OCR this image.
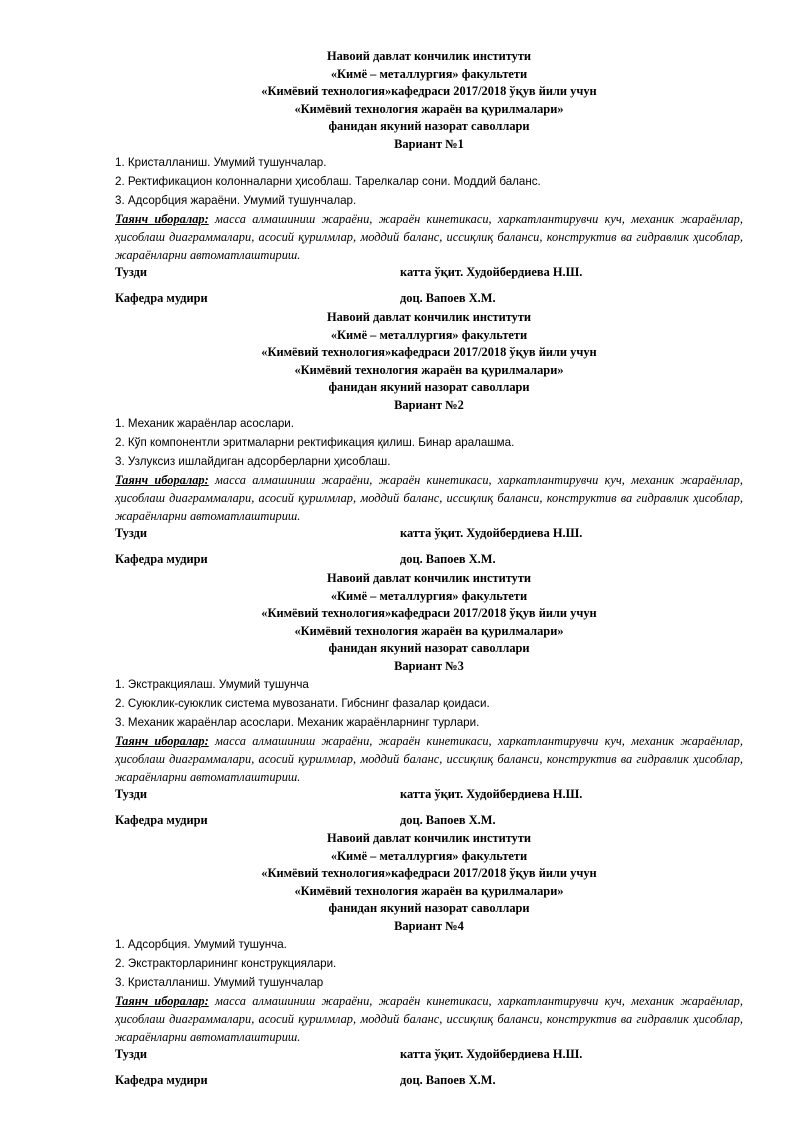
Навоий давлат кончилик институти

«Кимё – металлургия» факультети

«Кимёвий технология»кафедраси 2017/2018 ўқув йили учун

«Кимёвий технология жараён ва қурилмалари»

фанидан якуний назорат саволлари

Вариант №1

1. Кристалланиш. Умумий тушунчалар.

2. Ректификацион колонналарни ҳисоблаш. Тарелкалар сони. Моддий баланс.

3. Адсорбция жараёни. Умумий тушунчалар.

Таянч иборалар: масса алмашиниш жараёни, жараён кинетикаси, харкатлантирувчи куч, механик жараёнлар, ҳисоблаш диаграммалари, асосий қурилмлар, моддий баланс, иссиқлиқ баланси, конструктив ва гидравлик ҳисоблар, жараёнларни автоматлаштириш.

Тузди	катта ўқит. Худойбердиева Н.Ш.
Кафедра мудири	доц. Вапоев Х.М.

Навоий давлат кончилик институти

«Кимё – металлургия» факультети

«Кимёвий технология»кафедраси 2017/2018 ўқув йили учун

«Кимёвий технология жараён ва қурилмалари»

фанидан якуний назорат саволлари

Вариант №2

1. Механик жараёнлар асослари.

2. Кўп компонентли эритмаларни ректификация қилиш. Бинар аралашма.

3. Узлуксиз ишлайдиган адсорберларни ҳисоблаш.

Таянч иборалар: масса алмашиниш жараёни, жараён кинетикаси, харкатлантирувчи куч, механик жараёнлар, ҳисоблаш диаграммалари, асосий қурилмлар, моддий баланс, иссиқлиқ баланси, конструктив ва гидравлик ҳисоблар, жараёнларни автоматлаштириш.

Тузди	катта ўқит. Худойбердиева Н.Ш.
Кафедра мудири	доц. Вапоев Х.М.

Навоий давлат кончилик институти

«Кимё – металлургия» факультети

«Кимёвий технология»кафедраси 2017/2018 ўқув йили учун

«Кимёвий технология жараён ва қурилмалари»

фанидан якуний назорат саволлари

Вариант №3

1. Экстракциялаш. Умумий тушунча

2. Суюклик-суюклик система мувозанати. Гибснинг фазалар қоидаси.

3. Механик жараёнлар асослари. Механик жараёнларнинг турлари.

Таянч иборалар: масса алмашиниш жараёни, жараён кинетикаси, харкатлантирувчи куч, механик жараёнлар, ҳисоблаш диаграммалари, асосий қурилмлар, моддий баланс, иссиқлиқ баланси, конструктив ва гидравлик ҳисоблар, жараёнларни автоматлаштириш.

Тузди	катта ўқит. Худойбердиева Н.Ш.
Кафедра мудири	доц. Вапоев Х.М.

Навоий давлат кончилик институти

«Кимё – металлургия» факультети

«Кимёвий технология»кафедраси 2017/2018 ўқув йили учун

«Кимёвий технология жараён ва қурилмалари»

фанидан якуний назорат саволлари

Вариант №4

1. Адсорбция. Умумий тушунча.

2. Экстракторларининг конструкциялари.

3. Кристалланиш. Умумий тушунчалар

Таянч иборалар: масса алмашиниш жараёни, жараён кинетикаси, харкатлантирувчи куч, механик жараёнлар, ҳисоблаш диаграммалари, асосий қурилмлар, моддий баланс, иссиқлиқ баланси, конструктив ва гидравлик ҳисоблар, жараёнларни автоматлаштириш.

Тузди	катта ўқит. Худойбердиева Н.Ш.
Кафедра мудири	доц. Вапоев Х.М.
